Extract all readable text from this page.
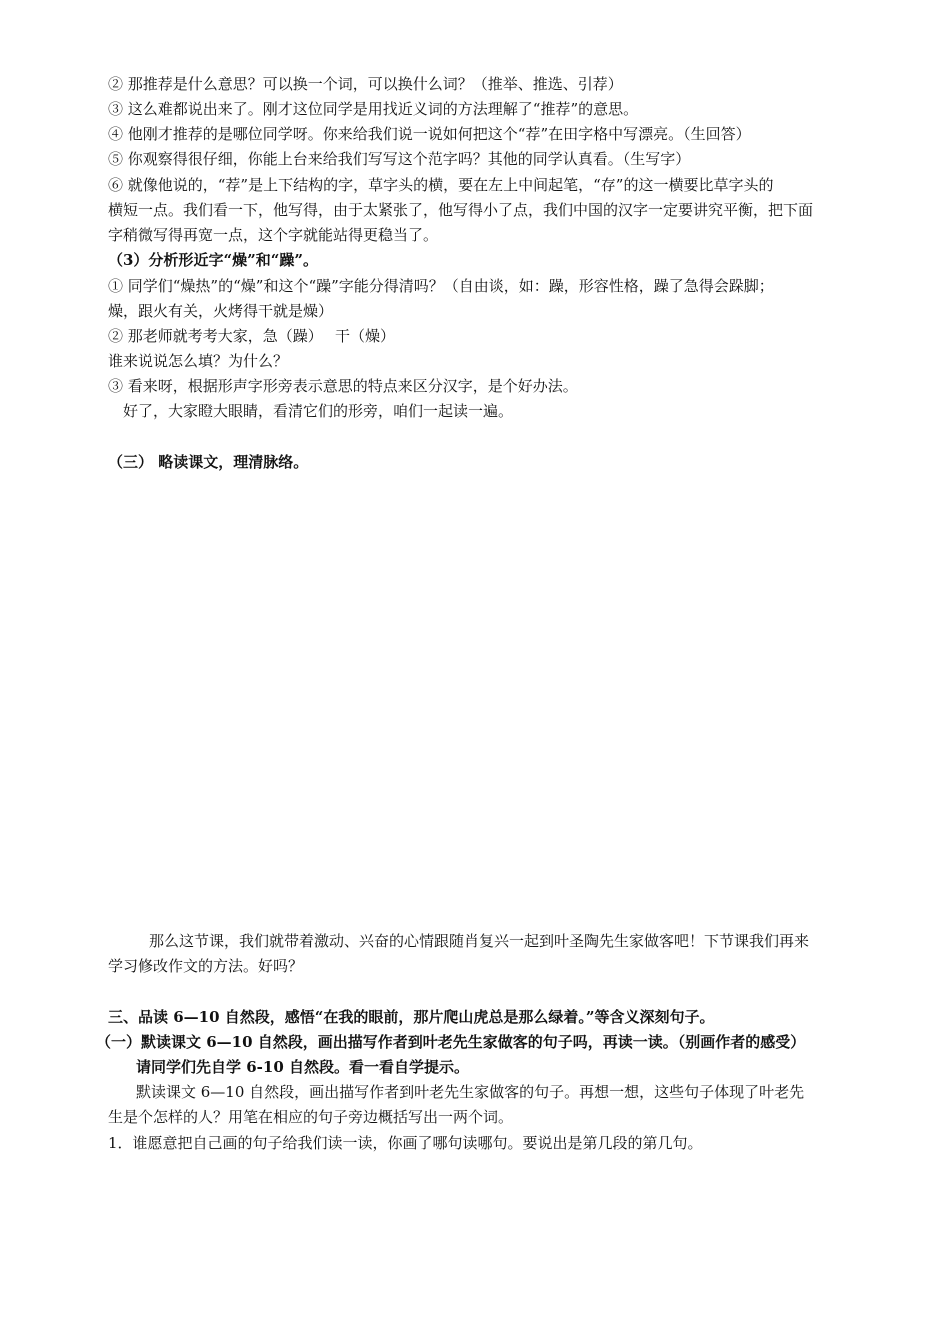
② 那推荐是什么意思？可以换一个词，可以换什么词？（推举、推选、引荐）
③ 这么难都说出来了。刚才这位同学是用找近义词的方法理解了“推荐”的意思。
④ 他刚才推荐的是哪位同学呀。你来给我们说一说如何把这个“荐”在田字格中写漂亮。（生回答）
⑤ 你观察得很仔细，你能上台来给我们写写这个范字吗？其他的同学认真看。（生写字）
⑥ 就像他说的，“荐”是上下结构的字，草字头的横，要在左上中间起笔，“存”的这一横要比草字头的
横短一点。我们看一下，他写得，由于太紧张了，他写得小了点，我们中国的汉字一定要讲究平衡，把下面
字稍微写得再宽一点，这个字就能站得更稳当了。
（3）分析形近字“燥”和“躁”。
① 同学们“燥热”的“燥”和这个“躁”字能分得清吗？（自由谈，如：躁，形容性格，躁了急得会跺脚；
燥，跟火有关，火烤得干就是燥）
② 那老师就考考大家，急（躁）　 干（燥）
谁来说说怎么填？为什么？
③ 看来呀，根据形声字形旁表示意思的特点来区分汉字，是个好办法。
　好了，大家瞪大眼睛，看清它们的形旁，咱们一起读一遍。
（三） 略读课文，理清脉络。
　那么这节课，我们就带着激动、兴奋的心情跟随肖复兴一起到叶圣陶先生家做客吧！下节课我们再来
学习修改作文的方法。好吗？
三、品读 6—10 自然段，感悟“在我的眼前，那片爬山虎总是那么绿着。”等含义深刻句子。
（一）默读课文 6—10 自然段，画出描写作者到叶老先生家做客的句子吗，再读一读。（别画作者的感受）
请同学们先自学 6-10 自然段。看一看自学提示。
默读课文 6—10 自然段，画出描写作者到叶老先生家做客的句子。再想一想，这些句子体现了叶老先
生是个怎样的人？用笔在相应的句子旁边概括写出一两个词。
1．谁愿意把自己画的句子给我们读一读，你画了哪句读哪句。要说出是第几段的第几句。
